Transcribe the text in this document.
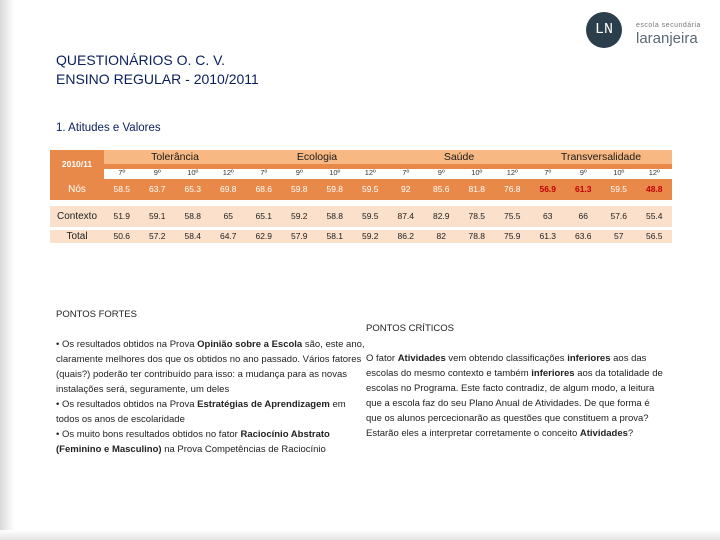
LN	escola secundária
laranjeira
QUESTIONÁRIOS O. C. V.
ENSINO REGULAR - 2010/2011
1. Atitudes e Valores
2010/11
Tolerância	Ecologia	Saúde	Transversalidade
7º	9º	10º	12º	7º	9º	10º	12º	7º	9º	10º	12º	7º	9º	10º	12º
Nós	58.5	63.7	65.3	69.8	68.6	59.8	59.8	59.5	92	85.6	81.8	76.8	56.9	61.3	59.5	48.8
Contexto	51.9	59.1	58.8	65	65.1	59.2	58.8	59.5	87.4	82.9	78.5	75.5	63	66	57.6	55.4
Total	50.6	57.2	58.4	64.7	62.9	57.9	58.1	59.2	86.2	82	78.8	75.9	61.3	63.6	57	56.5
PONTOS FORTES
PONTOS CRÍTICOS

• Os resultados obtidos na Prova Opinião sobre a Escola são, este ano, claramente melhores dos que os obtidos no ano passado. Vários fatores (quais?) poderão ter contribuído para isso: a mudança para as novas instalações será, seguramente, um deles

• Os resultados obtidos na Prova Estratégias de Aprendizagem em todos os anos de escolaridade

• Os muito bons resultados obtidos no fator Raciocínio Abstrato (Feminino e Masculino) na Prova Competências de Raciocínio

O fator Atividades vem obtendo classificações inferiores aos das escolas do mesmo contexto e também inferiores aos da totalidade de escolas no Programa. Este facto contradiz, de algum modo, a leitura que a escola faz do seu Plano Anual de Atividades. De que forma é que os alunos percecionarão as questões que constituem a prova? Estarão eles a interpretar corretamente o conceito Atividades?
